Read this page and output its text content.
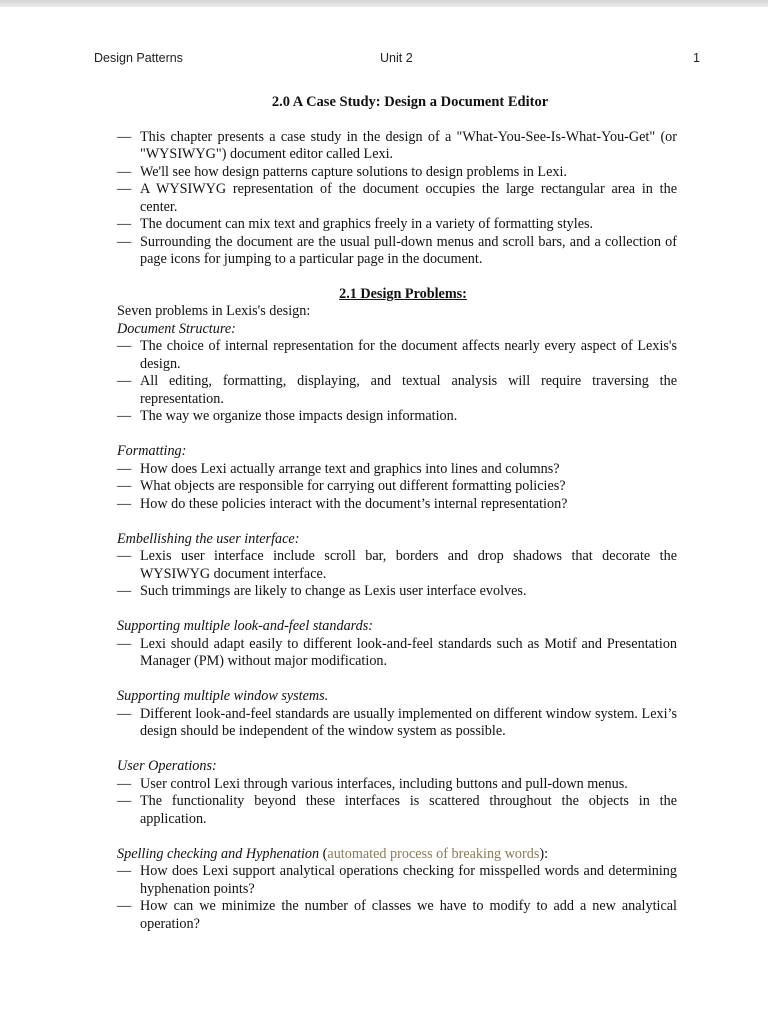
Design Patterns	Unit 2	1

2.0 A Case Study: Design a Document Editor

— This chapter presents a case study in the design of a "What-You-See-Is-What-You-Get" (or "WYSIWYG") document editor called Lexi.
— We'll see how design patterns capture solutions to design problems in Lexi.
— A WYSIWYG representation of the document occupies the large rectangular area in the center.
— The document can mix text and graphics freely in a variety of formatting styles.
— Surrounding the document are the usual pull-down menus and scroll bars, and a collection of page icons for jumping to a particular page in the document.

2.1 Design Problems:

Seven problems in Lexis's design:

Document Structure:

— The choice of internal representation for the document affects nearly every aspect of Lexis's design.
— All editing, formatting, displaying, and textual analysis will require traversing the representation.
— The way we organize those impacts design information.

Formatting:

— How does Lexi actually arrange text and graphics into lines and columns?
— What objects are responsible for carrying out different formatting policies?
— How do these policies interact with the document’s internal representation?

Embellishing the user interface:

— Lexis user interface include scroll bar, borders and drop shadows that decorate the WYSIWYG document interface.
— Such trimmings are likely to change as Lexis user interface evolves.

Supporting multiple look-and-feel standards:

— Lexi should adapt easily to different look-and-feel standards such as Motif and Presentation Manager (PM) without major modification.

Supporting multiple window systems.

— Different look-and-feel standards are usually implemented on different window system. Lexi’s design should be independent of the window system as possible.

User Operations:

— User control Lexi through various interfaces, including buttons and pull-down menus.
— The functionality beyond these interfaces is scattered throughout the objects in the application.

Spelling checking and Hyphenation (automated process of breaking words):

— How does Lexi support analytical operations checking for misspelled words and determining hyphenation points?
— How can we minimize the number of classes we have to modify to add a new analytical operation?
